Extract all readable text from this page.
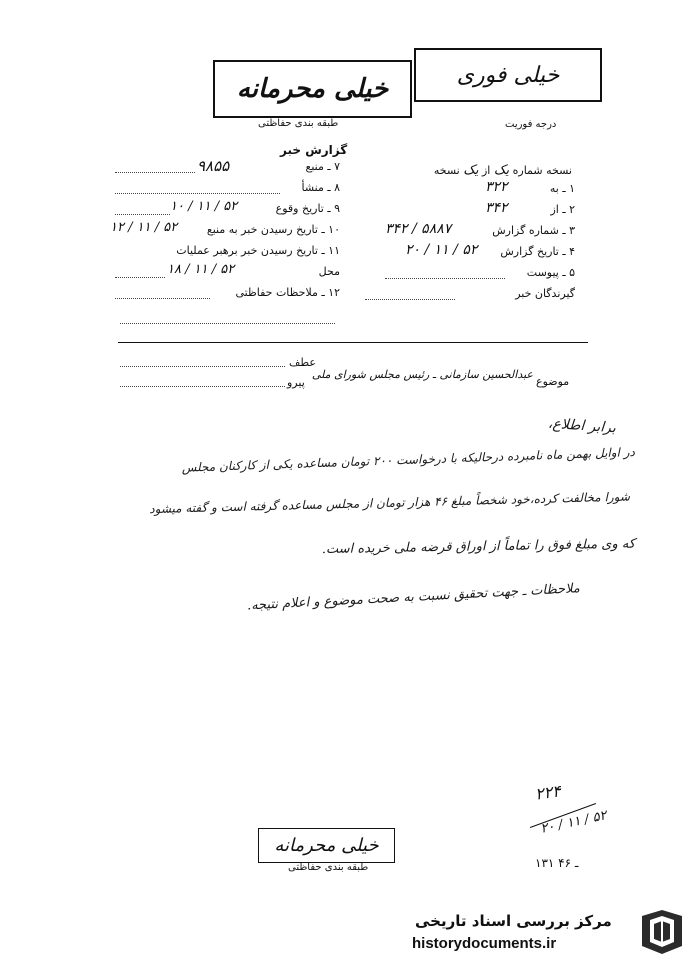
خیلی فوری
درجه فوریت
خیلی محرمانه
طبقه بندی حفاظتی
گزارش خبر
نسخه شماره یک از یک نسخه
۱ ـ به
۳۲۲
۲ ـ از
۳۴۲
۳ ـ شماره گزارش
۳۴۲ / ۵۸۸۷
۴ ـ تاریخ گزارش
۲۰ / ۱۱ / ۵۲
۵ ـ پیوست
گیرندگان خبر
۷ ـ منبع
۹۸۵۵
۸ ـ منشأ
۹ ـ تاریخ وقوع
۱۰ / ۱۱ / ۵۲
۱۰ ـ تاریخ رسیدن خبر به منبع
۱۲ / ۱۱ / ۵۲
۱۱ ـ تاریخ رسیدن خبر برهبر عملیات
محل
۱۸ / ۱۱ / ۵۲
۱۲ ـ ملاحظات حفاظتی
عطف
پیرو	موضوع
عبدالحسین سازمانی ـ رئیس مجلس شورای ملی
برابر اطلاع،
در اوایل بهمن ماه نامبرده درحالیکه با درخواست ۲۰۰ تومان مساعده یکی از کارکنان مجلس
شورا مخالفت کرده،خود شخصاً مبلغ ۴۶ هزار تومان از مجلس مساعده گرفته است و گفته میشود
که وی مبلغ فوق را تماماً از اوراق قرضه ملی خریده است.
ملاحظات ـ جهت تحقیق نسبت به صحت موضوع و اعلام نتیجه.
۲۲۴
۲۰ / ۱۱ / ۵۲
خیلی محرمانه
طبقه بندی حفاظتی	۱۳۱ ـ ۴۶
مرکز بررسی اسناد تاریخی
historydocuments.ir
